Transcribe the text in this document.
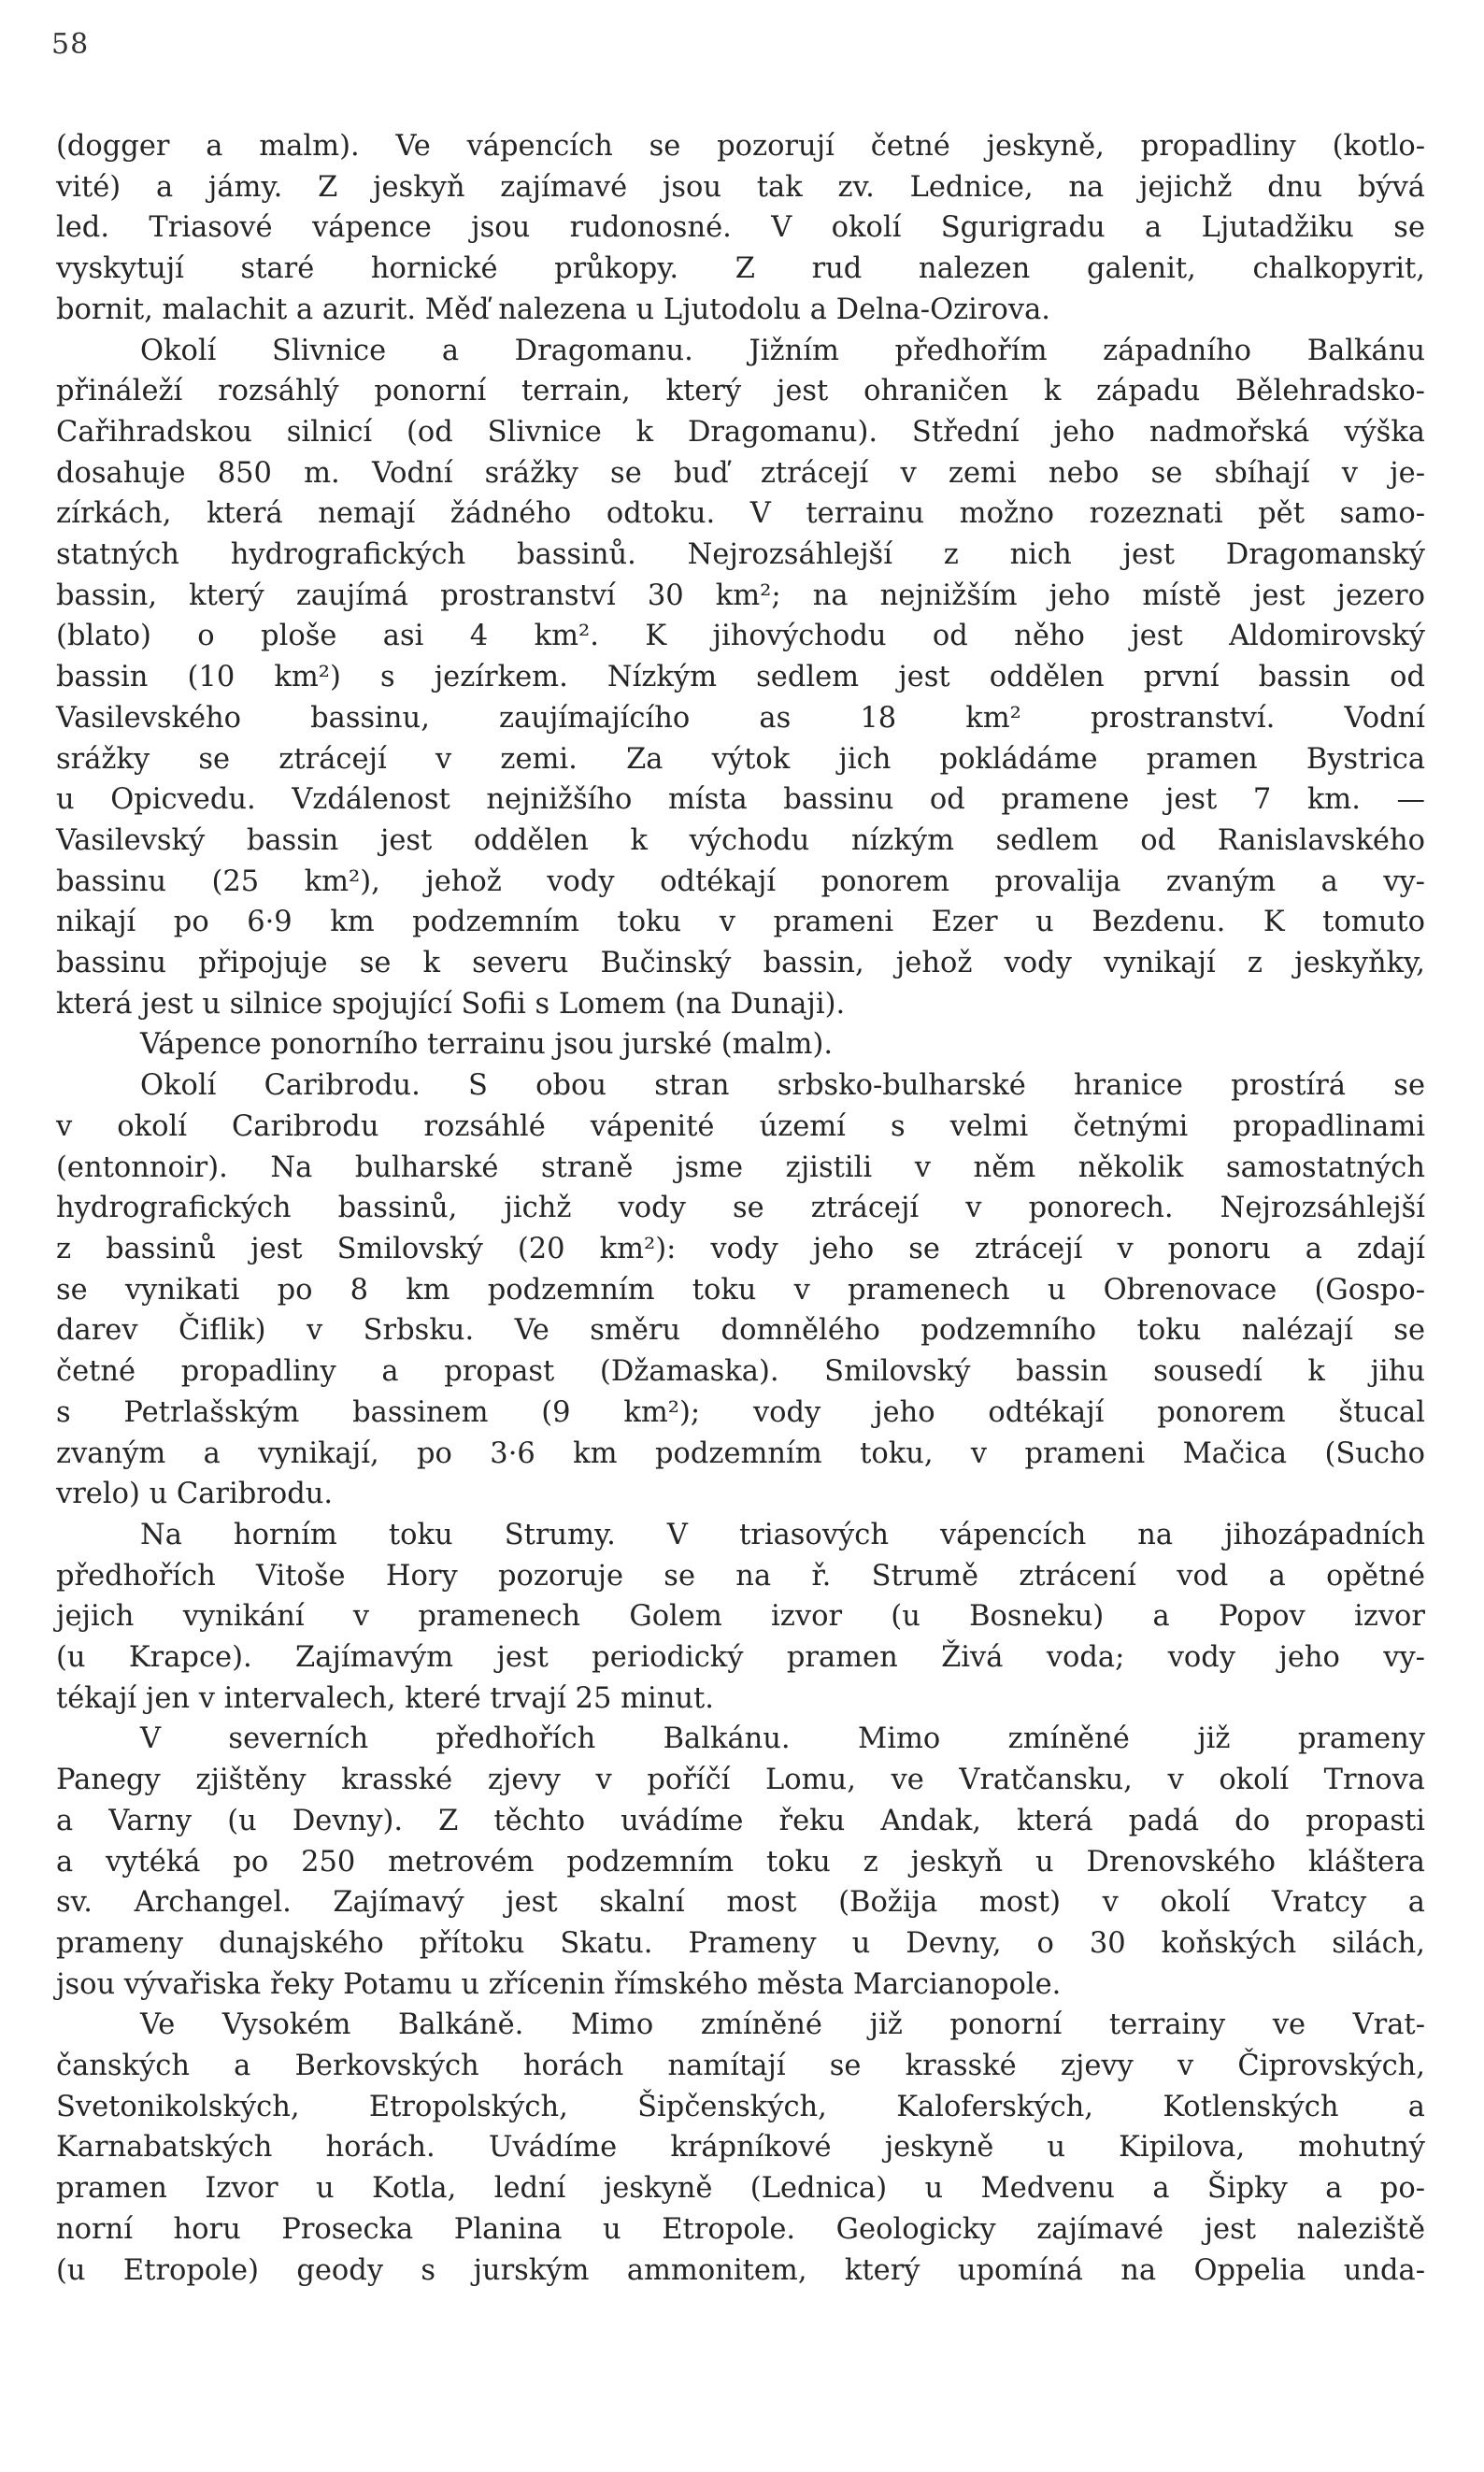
58
(dogger a malm). Ve vápencích se pozorují četné jeskyně, propadliny (kotlo-
vité) a jámy. Z jeskyň zajímavé jsou tak zv. Lednice, na jejichž dnu bývá
led. Triasové vápence jsou rudonosné. V okolí Sgurigradu a Ljutadžiku se
vyskytují staré hornické průkopy. Z rud nalezen galenit, chalkopyrit,
bornit, malachit a azurit. Měď nalezena u Ljutodolu a Delna-Ozirova.
Okolí Slivnice a Dragomanu. Jižním předhořím západního Balkánu
přináleží rozsáhlý ponorní terrain, který jest ohraničen k západu Bělehradsko-
Cařihradskou silnicí (od Slivnice k Dragomanu). Střední jeho nadmořská výška
dosahuje 850 m. Vodní srážky se buď ztrácejí v zemi nebo se sbíhají v je-
zírkách, která nemají žádného odtoku. V terrainu možno rozeznati pět samo-
statných hydrografických bassinů. Nejrozsáhlejší z nich jest Dragomanský
bassin, který zaujímá prostranství 30 km²; na nejnižším jeho místě jest jezero
(blato) o ploše asi 4 km². K jihovýchodu od něho jest Aldomirovský
bassin (10 km²) s jezírkem. Nízkým sedlem jest oddělen první bassin od
Vasilevského bassinu, zaujímajícího as 18 km² prostranství. Vodní
srážky se ztrácejí v zemi. Za výtok jich pokládáme pramen Bystrica
u Opicvedu. Vzdálenost nejnižšího místa bassinu od pramene jest 7 km. —
Vasilevský bassin jest oddělen k východu nízkým sedlem od Ranislavského
bassinu (25 km²), jehož vody odtékají ponorem provalija zvaným a vy-
nikají po 6·9 km podzemním toku v prameni Ezer u Bezdenu. K tomuto
bassinu připojuje se k severu Bučinský bassin, jehož vody vynikají z jeskyňky,
která jest u silnice spojující Sofii s Lomem (na Dunaji).
Vápence ponorního terrainu jsou jurské (malm).
Okolí Caribrodu. S obou stran srbsko-bulharské hranice prostírá se
v okolí Caribrodu rozsáhlé vápenité území s velmi četnými propadlinami
(entonnoir). Na bulharské straně jsme zjistili v něm několik samostatných
hydrografických bassinů, jichž vody se ztrácejí v ponorech. Nejrozsáhlejší
z bassinů jest Smilovský (20 km²): vody jeho se ztrácejí v ponoru a zdají
se vynikati po 8 km podzemním toku v pramenech u Obrenovace (Gospo-
darev Čiflik) v Srbsku. Ve směru domnělého podzemního toku nalézají se
četné propadliny a propast (Džamaska). Smilovský bassin sousedí k jihu
s Petrlašským bassinem (9 km²); vody jeho odtékají ponorem štucal
zvaným a vynikají, po 3·6 km podzemním toku, v prameni Mačica (Sucho
vrelo) u Caribrodu.
Na horním toku Strumy. V triasových vápencích na jihozápadních
předhořích Vitoše Hory pozoruje se na ř. Strumě ztrácení vod a opětné
jejich vynikání v pramenech Golem izvor (u Bosneku) a Popov izvor
(u Krapce). Zajímavým jest periodický pramen Živá voda; vody jeho vy-
tékají jen v intervalech, které trvají 25 minut.
V severních předhořích Balkánu. Mimo zmíněné již prameny
Panegy zjištěny krasské zjevy v poříčí Lomu, ve Vratčansku, v okolí Trnova
a Varny (u Devny). Z těchto uvádíme řeku Andak, která padá do propasti
a vytéká po 250 metrovém podzemním toku z jeskyň u Drenovského kláštera
sv. Archangel. Zajímavý jest skalní most (Božija most) v okolí Vratcy a
prameny dunajského přítoku Skatu. Prameny u Devny, o 30 koňských silách,
jsou vývařiska řeky Potamu u zřícenin římského města Marcianopole.
Ve Vysokém Balkáně. Mimo zmíněné již ponorní terrainy ve Vrat-
čanských a Berkovských horách namítají se krasské zjevy v Čiprovských,
Svetonikolských, Etropolských, Šipčenských, Kaloferských, Kotlenských a
Karnabatských horách. Uvádíme krápníkové jeskyně u Kipilova, mohutný
pramen Izvor u Kotla, lední jeskyně (Lednica) u Medvenu a Šipky a po-
norní horu Prosecka Planina u Etropole. Geologicky zajímavé jest naleziště
(u Etropole) geody s jurským ammonitem, který upomíná na Oppelia unda-
